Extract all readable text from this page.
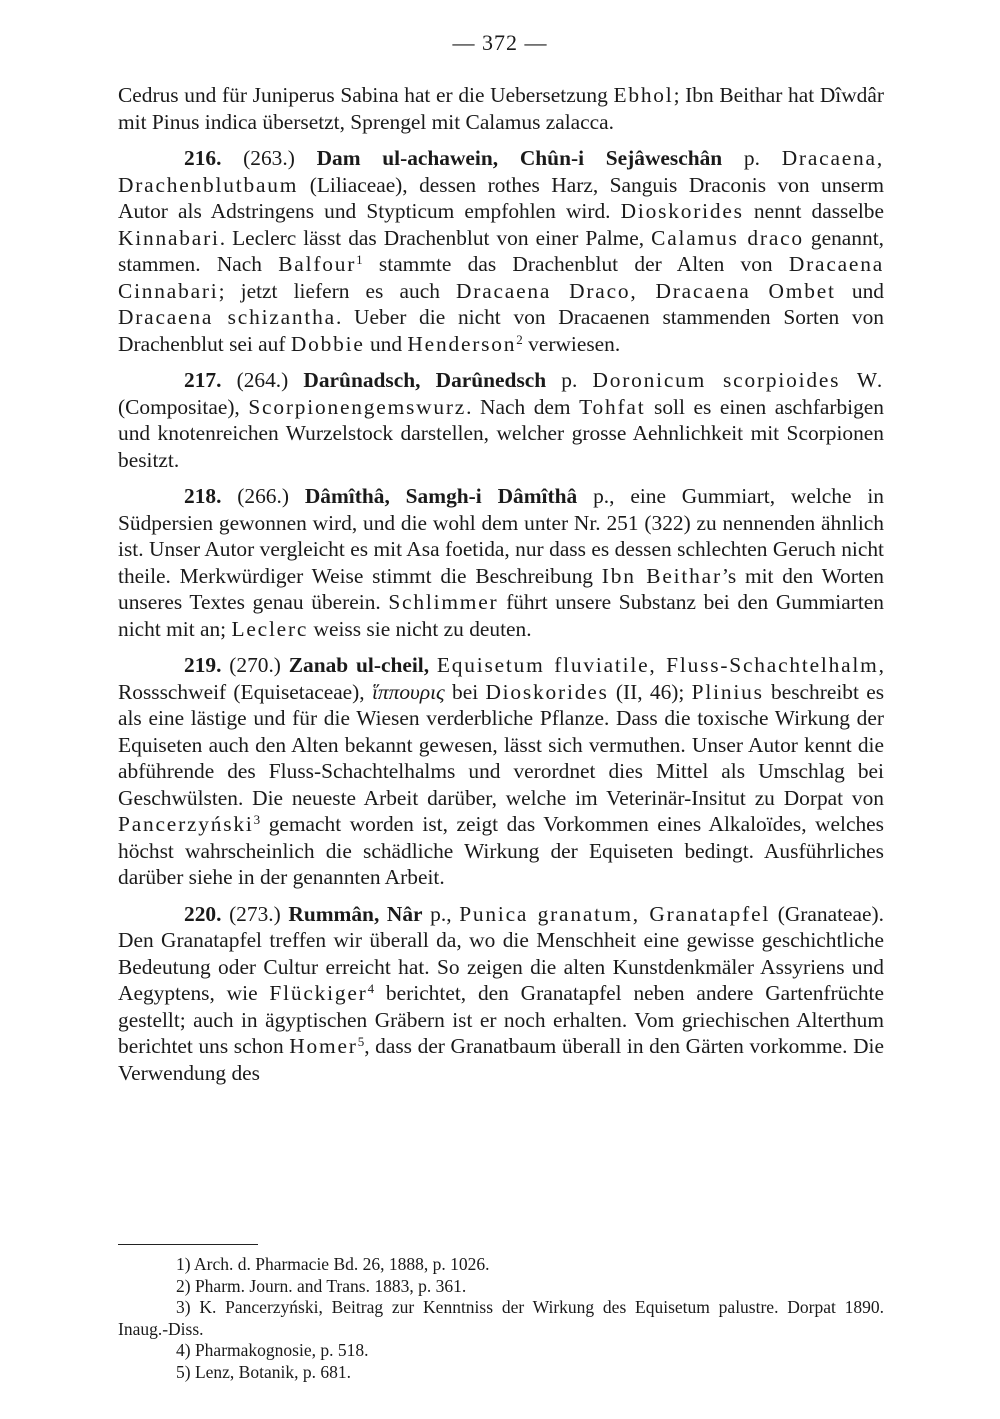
— 372 —

Cedrus und für Juniperus Sabina hat er die Uebersetzung Ebhol; Ibn Beithar hat Dîwdâr mit Pinus indica übersetzt, Sprengel mit Calamus zalacca.

216. (263.) Dam ul-achawein, Chûn-i Sejâweschân p. Dracaena, Drachenblutbaum (Liliaceae), dessen rothes Harz, Sanguis Draconis von unserm Autor als Adstringens und Stypticum empfohlen wird. Dioskorides nennt dasselbe Kinnabari. Leclerc lässt das Drachenblut von einer Palme, Calamus draco genannt, stammen. Nach Balfour$^1$ stammte das Drachenblut der Alten von Dracaena Cinnabari; jetzt liefern es auch Dracaena Draco, Dracaena Ombet und Dracaena schizantha. Ueber die nicht von Dracaenen stammenden Sorten von Drachenblut sei auf Dobbie und Henderson$^2$ verwiesen.

217. (264.) Darûnadsch, Darûnedsch p. Doronicum scorpioides W. (Compositae), Scorpionengemswurz. Nach dem Tohfat soll es einen aschfarbigen und knotenreichen Wurzelstock darstellen, welcher grosse Aehnlichkeit mit Scorpionen besitzt.

218. (266.) Dâmîthâ, Samgh-i Dâmîthâ p., eine Gummiart, welche in Südpersien gewonnen wird, und die wohl dem unter Nr. 251 (322) zu nennenden ähnlich ist. Unser Autor vergleicht es mit Asa foetida, nur dass es dessen schlechten Geruch nicht theile. Merkwürdiger Weise stimmt die Beschreibung Ibn Beithar’s mit den Worten unseres Textes genau überein. Schlimmer führt unsere Substanz bei den Gummiarten nicht mit an; Leclerc weiss sie nicht zu deuten.

219. (270.) Zanab ul-cheil, Equisetum fluviatile, Fluss-Schachtelhalm, Rossschweif (Equisetaceae), ἵππουρις bei Dioskorides (II, 46); Plinius beschreibt es als eine lästige und für die Wiesen verderbliche Pflanze. Dass die toxische Wirkung der Equiseten auch den Alten bekannt gewesen, lässt sich vermuthen. Unser Autor kennt die abführende des Fluss-Schachtelhalms und verordnet dies Mittel als Umschlag bei Geschwülsten. Die neueste Arbeit darüber, welche im Veterinär-Insitut zu Dorpat von Pancerzyński$^3$ gemacht worden ist, zeigt das Vorkommen eines Alkaloïdes, welches höchst wahrscheinlich die schädliche Wirkung der Equiseten bedingt. Ausführliches darüber siehe in der genannten Arbeit.

220. (273.) Rummân, Nâr p., Punica granatum, Granatapfel (Granateae). Den Granatapfel treffen wir überall da, wo die Menschheit eine gewisse geschichtliche Bedeutung oder Cultur erreicht hat. So zeigen die alten Kunstdenkmäler Assyriens und Aegyptens, wie Flückiger$^4$ berichtet, den Granatapfel neben andere Gartenfrüchte gestellt; auch in ägyptischen Gräbern ist er noch erhalten. Vom griechischen Alterthum berichtet uns schon Homer$^5$, dass der Granatbaum überall in den Gärten vorkomme. Die Verwendung des

1) Arch. d. Pharmacie Bd. 26, 1888, p. 1026.

2) Pharm. Journ. and Trans. 1883, p. 361.

3) K. Pancerzyński, Beitrag zur Kenntniss der Wirkung des Equisetum palustre. Dorpat 1890. Inaug.-Diss.

4) Pharmakognosie, p. 518.

5) Lenz, Botanik, p. 681.
